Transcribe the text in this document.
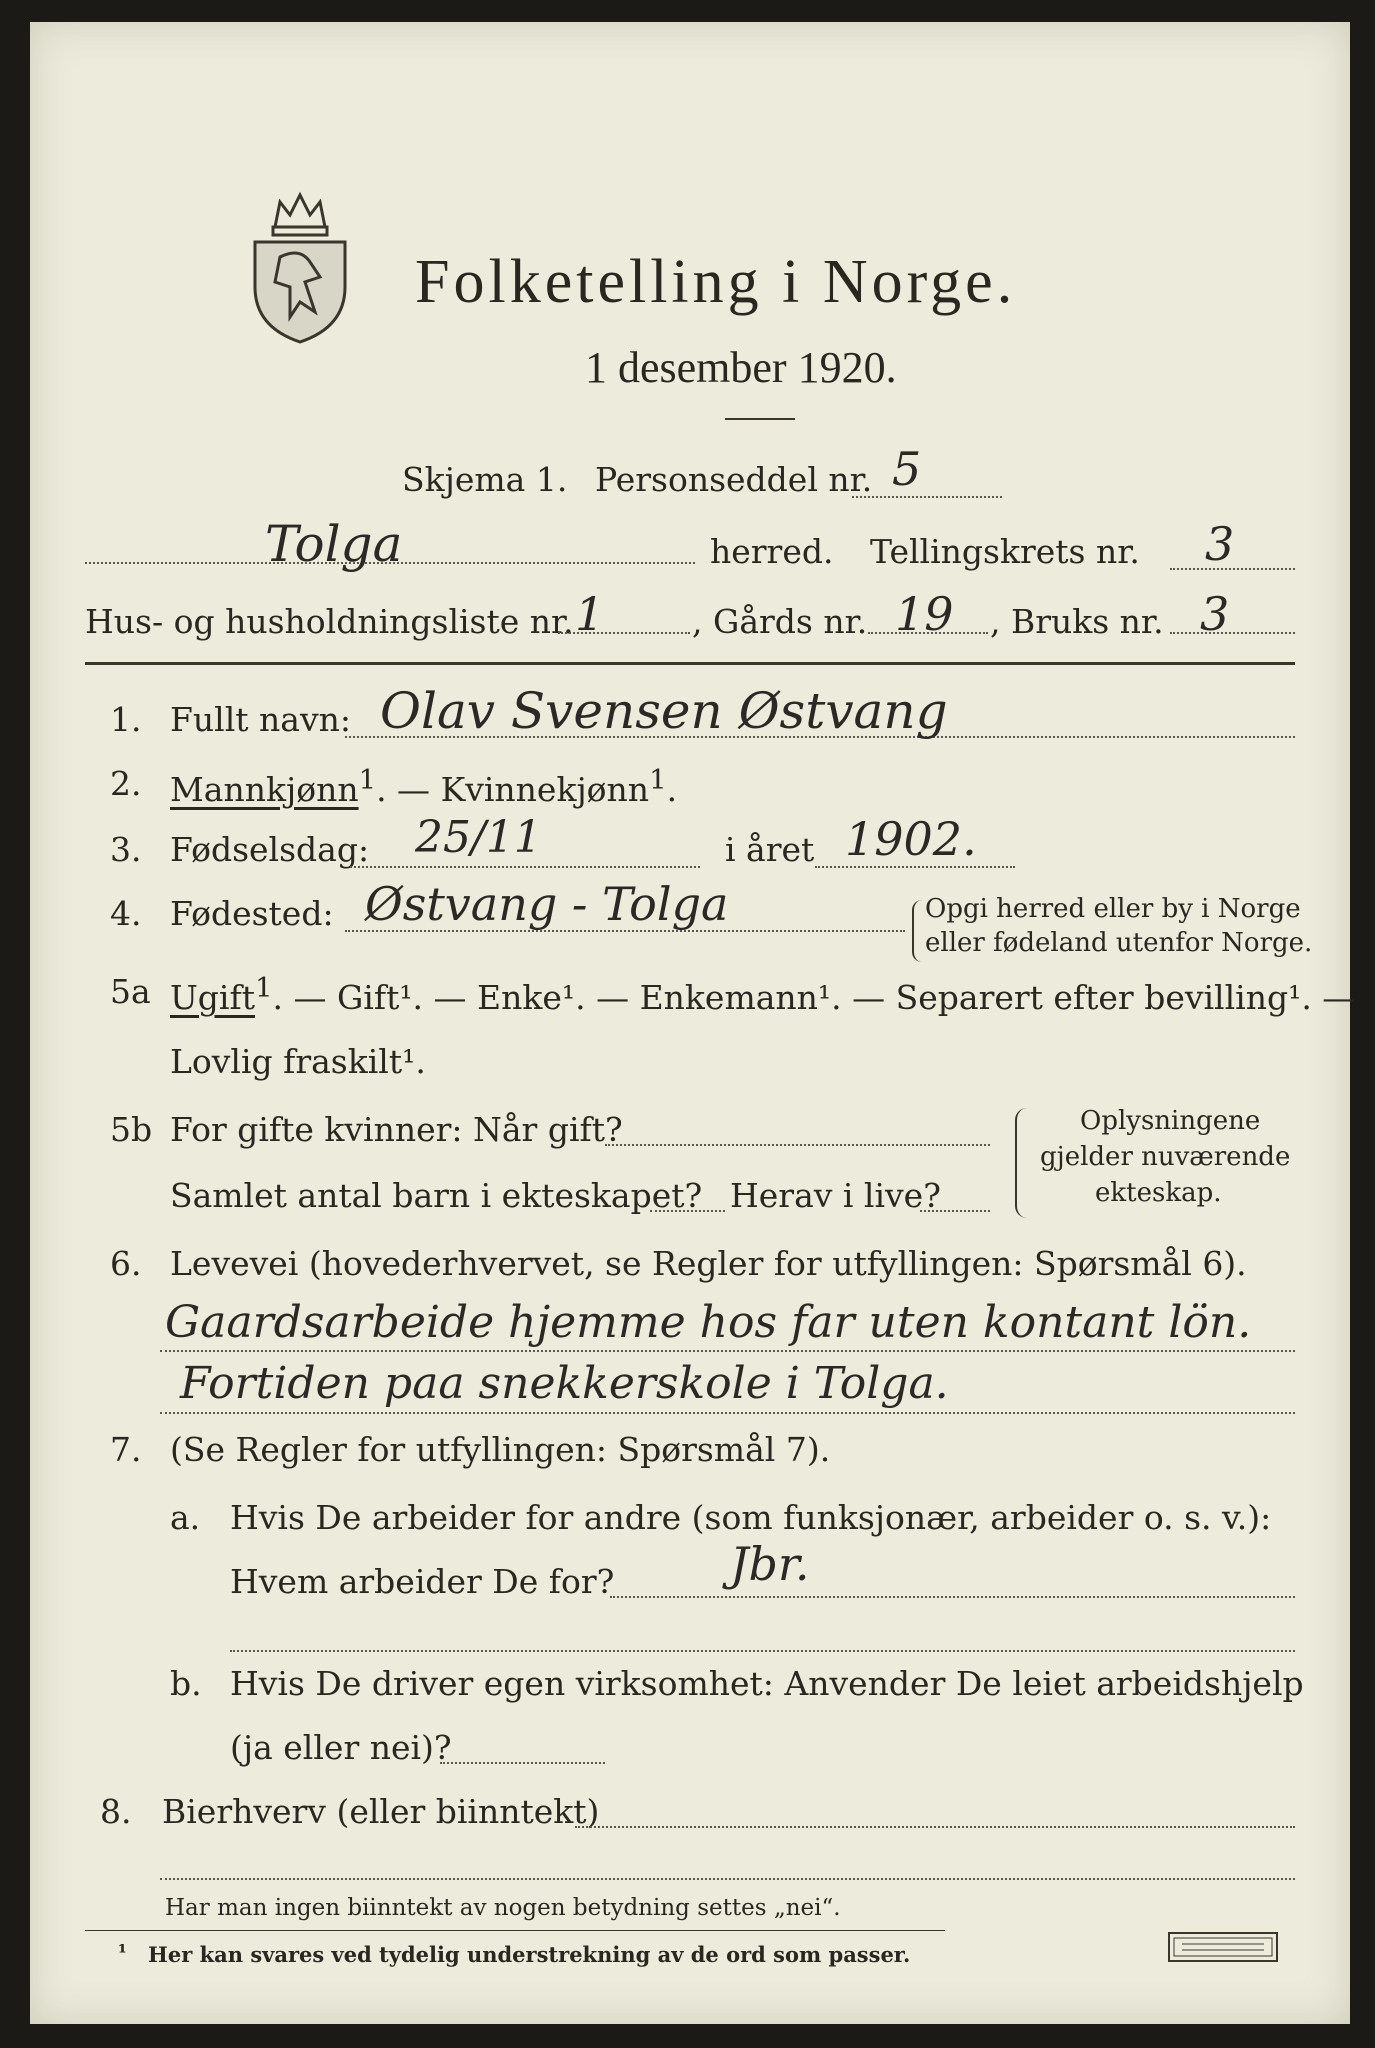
Folketelling i Norge.
1 desember 1920.
Skjema 1. Personseddel nr. 5
Tolga	herred. Tellingskrets nr. 3
Hus- og husholdningsliste nr. 1	, Gårds nr. 19 , Bruks nr. 3
1. Fullt navn: Olav Svensen Østvang
2. Mannkjønn$^1$. — Kvinnekjønn$^1$.
3. Fødselsdag: 25/11	i året 1902.
4. Fødested: Østvang - Tolga	Opgi herred eller by i Norge
eller fødeland utenfor Norge.
5a Ugift$^1$. — Gift¹. — Enke¹. — Enkemann¹. — Separert efter bevilling¹. —
Lovlig fraskilt¹.
5b For gifte kvinner: Når gift?
Samlet antal barn i ekteskapet? Herav i live?
Oplysningene
gjelder nuværende
ekteskap.
6. Levevei (hovederhvervet, se Regler for utfyllingen: Spørsmål 6).
Gaardsarbeide hjemme hos far uten kontant lön.
Fortiden paa snekkerskole i Tolga.
7. (Se Regler for utfyllingen: Spørsmål 7).
a. Hvis De arbeider for andre (som funksjonær, arbeider o. s. v.):
Hvem arbeider De for?	Jbr.
b. Hvis De driver egen virksomhet: Anvender De leiet arbeidshjelp
(ja eller nei)?
8. Bierhverv (eller biinntekt)
Har man ingen biinntekt av nogen betydning settes „nei“.
¹ Her kan svares ved tydelig understrekning av de ord som passer.
